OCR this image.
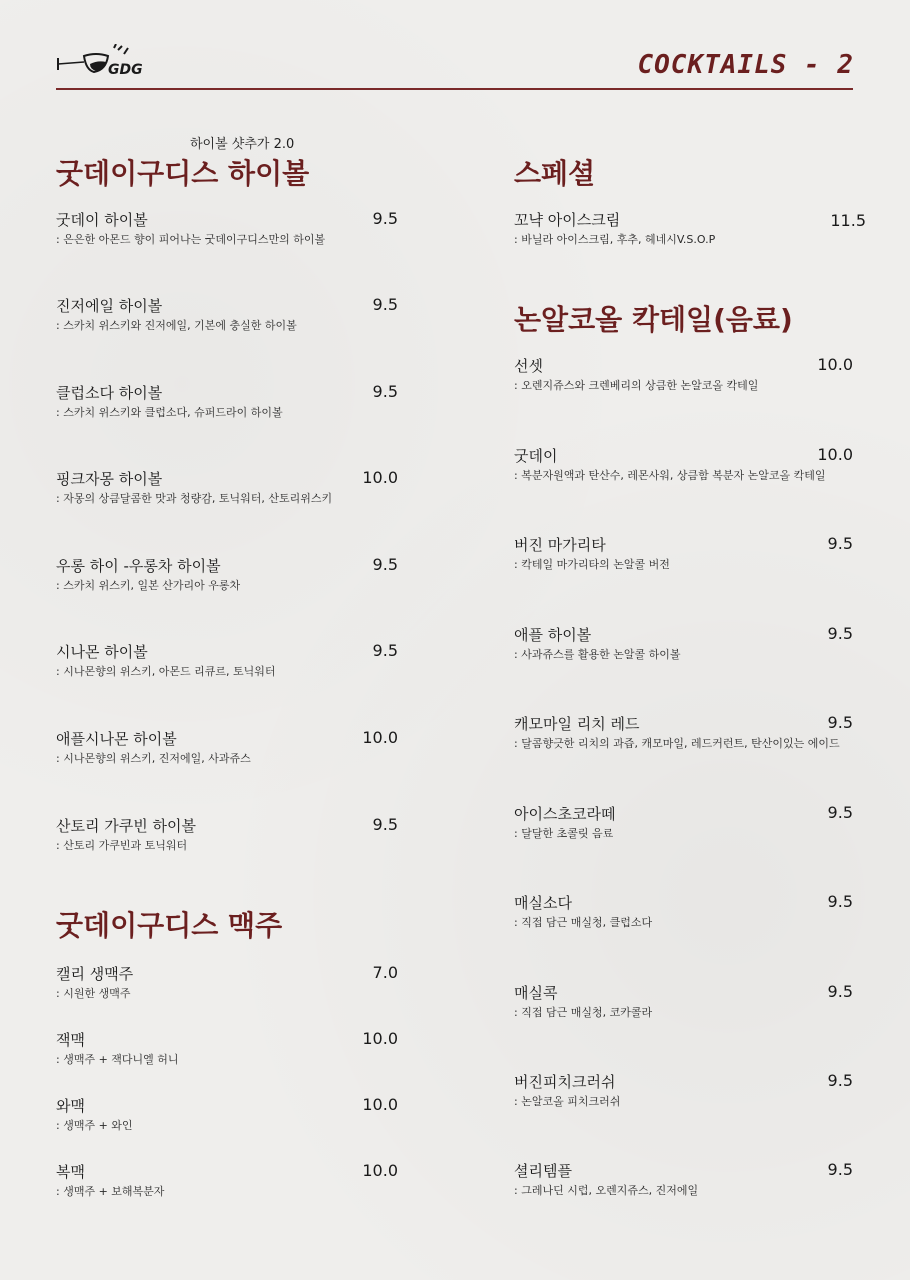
GDG	COCKTAILS - 2
하이볼 샷추가 2.0
굿데이구디스 하이볼
굿데이 하이볼	9.5
: 은은한 아몬드 향이 피어나는 굿데이구디스만의 하이볼
진저에일 하이볼	9.5
: 스카치 위스키와 진저에일, 기본에 충실한 하이볼
클럽소다 하이볼	9.5
: 스카치 위스키와 클럽소다, 슈퍼드라이 하이볼
핑크자몽 하이볼	10.0
: 자몽의 상큼달콤한 맛과 청량감, 토닉워터, 산토리위스키
우롱 하이 -우롱차 하이볼	9.5
: 스카치 위스키, 일본 산가리아 우롱차
시나몬 하이볼	9.5
: 시나몬향의 위스키, 아몬드 리큐르, 토닉워터
애플시나몬 하이볼	10.0
: 시나몬향의 위스키, 진저에일, 사과쥬스
산토리 가쿠빈 하이볼	9.5
: 산토리 가쿠빈과 토닉워터
굿데이구디스 맥주
캘리 생맥주	7.0
: 시원한 생맥주
잭맥	10.0
: 생맥주 + 잭다니엘 허니
와맥	10.0
: 생맥주 + 와인
복맥	10.0
: 생맥주 + 보해복분자
스페셜
꼬냑 아이스크림	11.5
: 바닐라 아이스크림, 후추, 헤네시V.S.O.P
논알코올 칵테일(음료)
선셋	10.0
: 오렌지쥬스와 크렌베리의 상큼한 논알코올 칵테일
굿데이	10.0
: 복분자원액과 탄산수, 레몬사워, 상큼함 복분자 논알코올 칵테일
버진 마가리타	9.5
: 칵테일 마가리타의 논알콜 버전
애플 하이볼	9.5
: 사과쥬스를 활용한 논알콜 하이볼
캐모마일 리치 레드	9.5
: 달콤향긋한 리치의 과즙, 캐모마일, 레드커런트, 탄산이있는 에이드
아이스초코라떼	9.5
: 달달한 초콜릿 음료
매실소다	9.5
: 직접 담근 매실청, 클럽소다
매실콕	9.5
: 직접 담근 매실청, 코카콜라
버진피치크러쉬	9.5
: 논알코올 피치크러쉬
셜리템플	9.5
: 그레나딘 시럽, 오렌지쥬스, 진저에일
